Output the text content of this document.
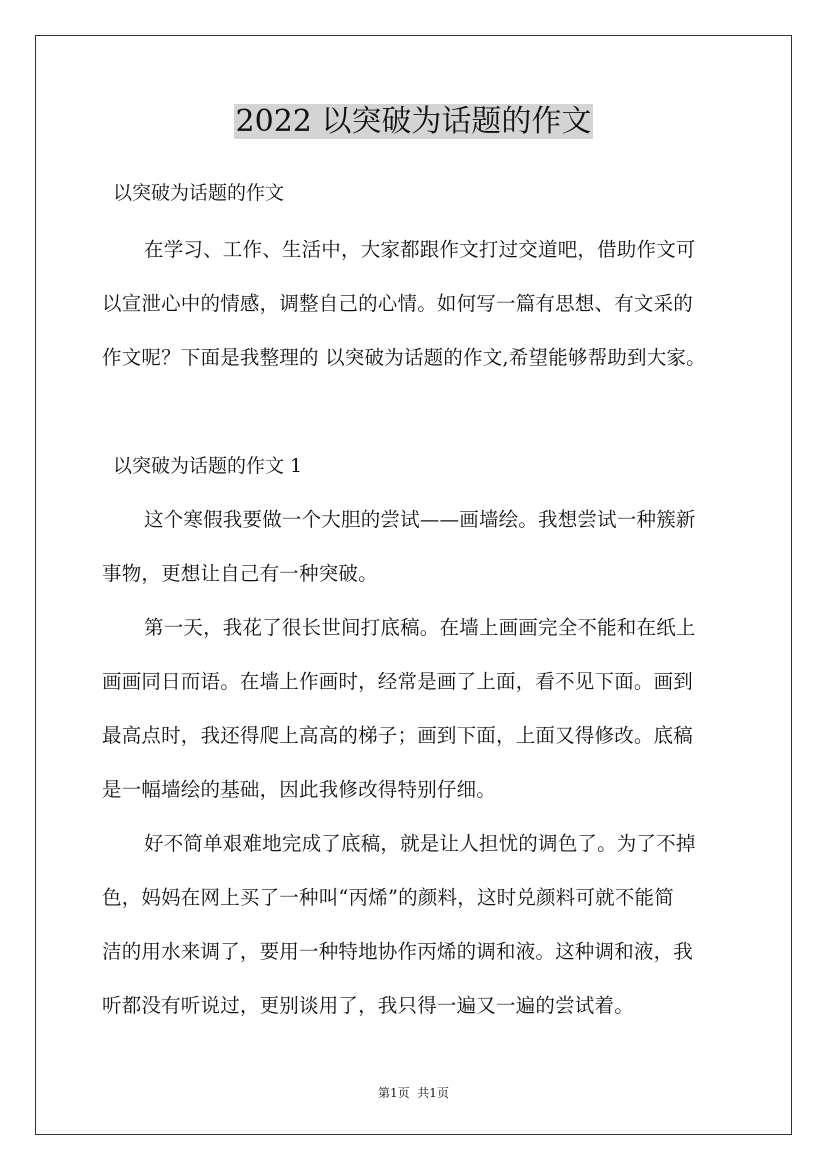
2022 以突破为话题的作文
以突破为话题的作文
在学习、工作、生活中，大家都跟作文打过交道吧，借助作文可
以宣泄心中的情感，调整自己的心情。如何写一篇有思想、有文采的
作文呢？下面是我整理的 以突破为话题的作文,希望能够帮助到大家。
以突破为话题的作文 1
这个寒假我要做一个大胆的尝试——画墙绘。我想尝试一种簇新
事物，更想让自己有一种突破。
第一天，我花了很长世间打底稿。在墙上画画完全不能和在纸上
画画同日而语。在墙上作画时，经常是画了上面，看不见下面。画到
最高点时，我还得爬上高高的梯子；画到下面，上面又得修改。底稿
是一幅墙绘的基础，因此我修改得特别仔细。
好不简单艰难地完成了底稿，就是让人担忧的调色了。为了不掉
色，妈妈在网上买了一种叫“丙烯”的颜料，这时兑颜料可就不能简
洁的用水来调了，要用一种特地协作丙烯的调和液。这种调和液，我
听都没有听说过，更别谈用了，我只得一遍又一遍的尝试着。
第1页  共1页
